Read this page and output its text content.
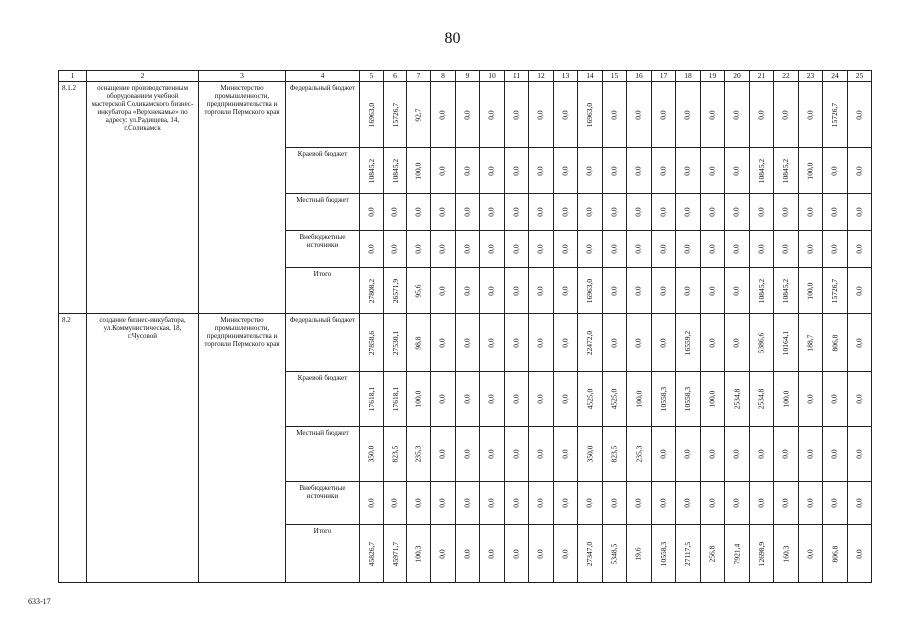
80
1	2	3	4	5	6	7	8	9	10	11	12	13	14	15	16	17	18	19	20	21	22	23	24	25
8.1.2	оснащение производственным оборудованием учебной мастерской Соликамского бизнес-инкубатора «Верхнекамье» по адресу: ул.Радищева, 14, г.Соликамск	Министерство промышленности, предпринимательства и торговли Пермского края	Федеральный бюджет	16963,0	15726,7	92,7	0,0	0,0	0,0	0,0	0,0	0,0	16963,0	0,0	0,0	0,0	0,0	0,0	0,0	0,0	0,0	0,0	15726,7	0,0
			Краевой бюджет	10845,2	10845,2	100,0	0,0	0,0	0,0	0,0	0,0	0,0	0,0	0,0	0,0	0,0	0,0	0,0	0,0	10845,2	10845,2	100,0	0,0	0,0
			Местный бюджет	0,0	0,0	0,0	0,0	0,0	0,0	0,0	0,0	0,0	0,0	0,0	0,0	0,0	0,0	0,0	0,0	0,0	0,0	0,0	0,0	0,0
			Внебюджетные источники	0,0	0,0	0,0	0,0	0,0	0,0	0,0	0,0	0,0	0,0	0,0	0,0	0,0	0,0	0,0	0,0	0,0	0,0	0,0	0,0	0,0
			Итого	27808,2	26571,9	95,6	0,0	0,0	0,0	0,0	0,0	0,0	16963,0	0,0	0,0	0,0	0,0	0,0	0,0	10845,2	10845,2	100,0	15726,7	0,0
8.2	создание бизнес-инкубатора, ул.Коммунистическая, 18, г.Чусовой	Министерство промышленности, предпринимательства и торговли Пермского края	Федеральный бюджет	27858,6	27530,1	98,8	0,0	0,0	0,0	0,0	0,0	0,0	22472,0	0,0	0,0	0,0	16559,2	0,0	0,0	5386,6	10164,1	188,7	806,8	0,0
			Краевой бюджет	17618,1	17618,1	100,0	0,0	0,0	0,0	0,0	0,0	0,0	4525,0	4525,0	100,0	10558,3	10558,3	100,0	2534,8	2534,8	100,0	0,0	0,0	0,0
			Местный бюджет	350,0	823,5	235,3	0,0	0,0	0,0	0,0	0,0	0,0	350,0	823,5	235,3	0,0	0,0	0,0	0,0	0,0	0,0	0,0	0,0	0,0
			Внебюджетные источники	0,0	0,0	0,0	0,0	0,0	0,0	0,0	0,0	0,0	0,0	0,0	0,0	0,0	0,0	0,0	0,0	0,0	0,0	0,0	0,0	0,0
			Итого	45826,7	45971,7	100,3	0,0	0,0	0,0	0,0	0,0	0,0	27347,0	5348,5	19,6	10558,3	27117,5	256,8	7921,4	12698,9	160,3	0,0	806,8	0,0
633-17
